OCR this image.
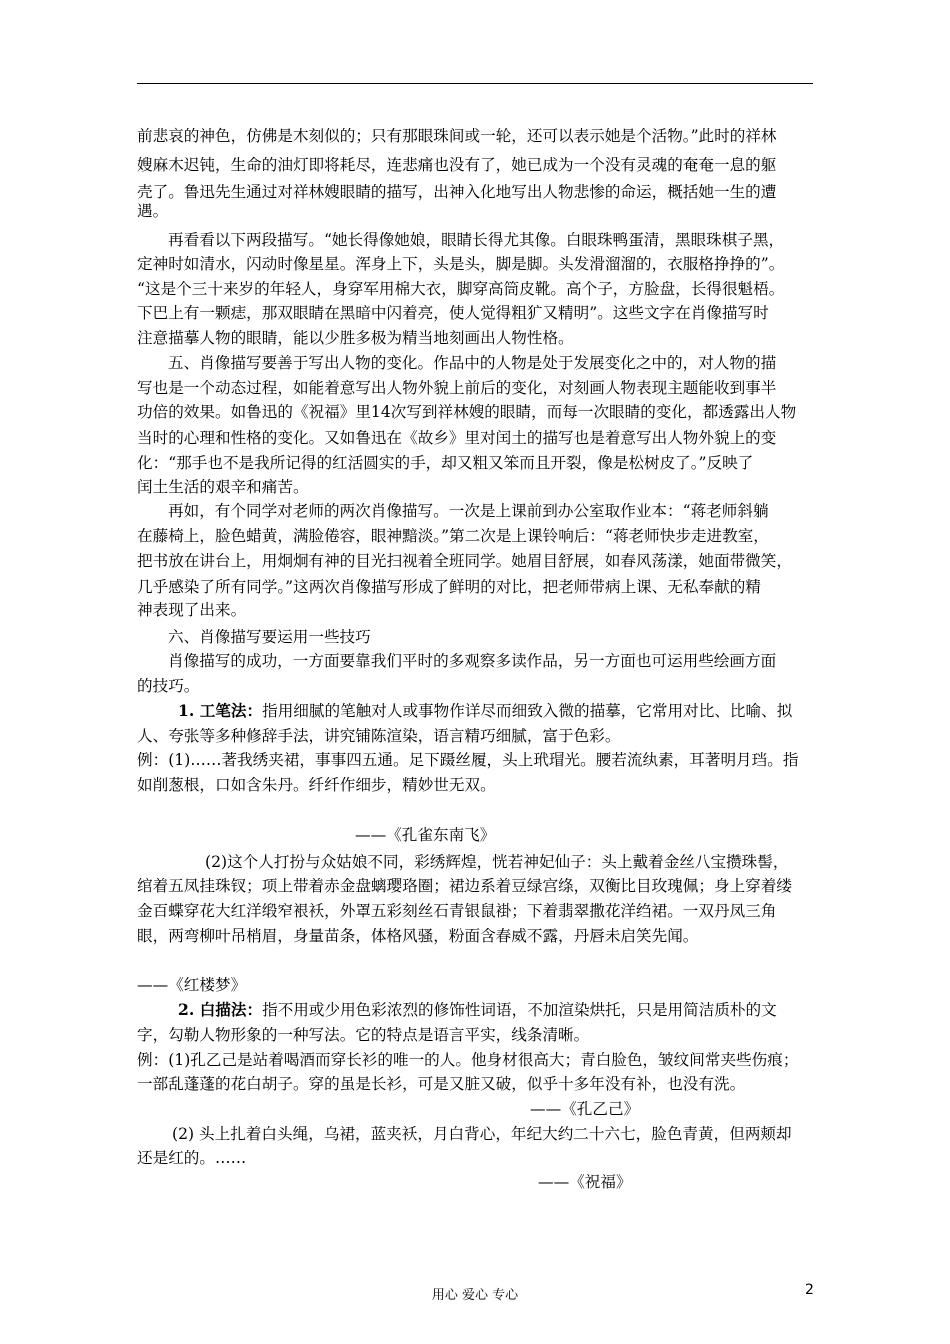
前悲哀的神色，仿佛是木刻似的；只有那眼珠间或一轮，还可以表示她是个活物。”此时的祥林
嫂麻木迟钝，生命的油灯即将耗尽，连悲痛也没有了，她已成为一个没有灵魂的奄奄一息的躯
壳了。鲁迅先生通过对祥林嫂眼睛的描写，出神入化地写出人物悲惨的命运，概括她一生的遭
遇。
再看看以下两段描写。“她长得像她娘，眼睛长得尤其像。白眼珠鸭蛋清，黑眼珠棋子黑，
定神时如清水，闪动时像星星。浑身上下，头是头，脚是脚。头发滑溜溜的，衣服格挣挣的”。
“这是个三十来岁的年轻人，身穿军用棉大衣，脚穿高筒皮靴。高个子，方脸盘，长得很魁梧。
下巴上有一颗痣，那双眼睛在黑暗中闪着亮，使人觉得粗犷又精明”。这些文字在肖像描写时
注意描摹人物的眼睛，能以少胜多极为精当地刻画出人物性格。
五、肖像描写要善于写出人物的变化。作品中的人物是处于发展变化之中的，对人物的描
写也是一个动态过程，如能着意写出人物外貌上前后的变化，对刻画人物表现主题能收到事半
功倍的效果。如鲁迅的《祝福》里14次写到祥林嫂的眼睛，而每一次眼睛的变化，都透露出人物
当时的心理和性格的变化。又如鲁迅在《故乡》里对闰土的描写也是着意写出人物外貌上的变
化：“那手也不是我所记得的红活圆实的手，却又粗又笨而且开裂，像是松树皮了。”反映了
闰土生活的艰辛和痛苦。
再如，有个同学对老师的两次肖像描写。一次是上课前到办公室取作业本：“蒋老师斜躺
在藤椅上，脸色蜡黄，满脸倦容，眼神黯淡。”第二次是上课铃响后：“蒋老师快步走进教室，
把书放在讲台上，用炯炯有神的目光扫视着全班同学。她眉目舒展，如春风荡漾，她面带微笑，
几乎感染了所有同学。”这两次肖像描写形成了鲜明的对比，把老师带病上课、无私奉献的精
神表现了出来。
六、肖像描写要运用一些技巧
肖像描写的成功，一方面要靠我们平时的多观察多读作品，另一方面也可运用些绘画方面
的技巧。
1. 工笔法：指用细腻的笔触对人或事物作详尽而细致入微的描摹，它常用对比、比喻、拟
人、夸张等多种修辞手法，讲究铺陈渲染，语言精巧细腻，富于色彩。
例：(1)……著我绣夹裙，事事四五通。足下蹑丝履，头上玳瑁光。腰若流纨素，耳著明月珰。指
如削葱根，口如含朱丹。纤纤作细步，精妙世无双。
——《孔雀东南飞》
(2)这个人打扮与众姑娘不同，彩绣辉煌，恍若神妃仙子：头上戴着金丝八宝攒珠髻，
绾着五凤挂珠钗；项上带着赤金盘螭璎珞圈；裙边系着豆绿宫绦，双衡比目玫瑰佩；身上穿着缕
金百蝶穿花大红洋缎窄裉袄，外罩五彩刻丝石青银鼠褂；下着翡翠撒花洋绉裙。一双丹凤三角
眼，两弯柳叶吊梢眉，身量苗条，体格风骚，粉面含春威不露，丹唇未启笑先闻。
——《红楼梦》
2. 白描法：指不用或少用色彩浓烈的修饰性词语，不加渲染烘托，只是用简洁质朴的文
字，勾勒人物形象的一种写法。它的特点是语言平实，线条清晰。
例：(1)孔乙己是站着喝酒而穿长衫的唯一的人。他身材很高大；青白脸色，皱纹间常夹些伤痕；
一部乱蓬蓬的花白胡子。穿的虽是长衫，可是又脏又破，似乎十多年没有补，也没有洗。
——《孔乙己》
(2) 头上扎着白头绳，乌裙，蓝夹袄，月白背心，年纪大约二十六七，脸色青黄，但两颊却
还是红的。……
——《祝福》
用心 爱心 专心	2
